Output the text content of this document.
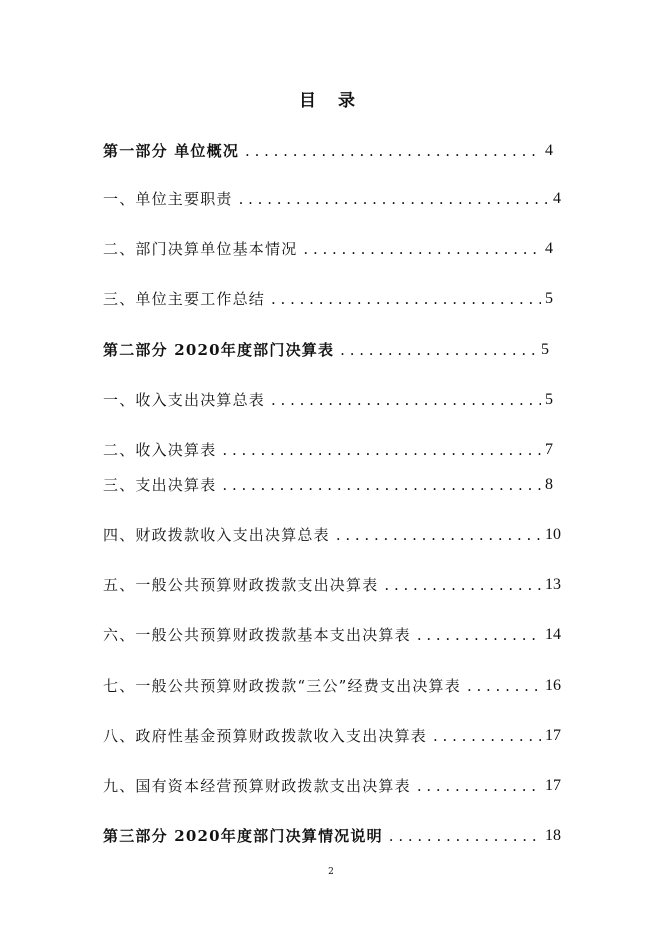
目 录
第一部分 单位概况 . . .	4
一、单位主要职责 . . .	4
二、部门决算单位基本情况 . . .	4
三、单位主要工作总结 . . .	5
第二部分 2020年度部门决算表 . . .	5
一、收入支出决算总表 . . .	5
二、收入决算表 . . .	7
三、支出决算表 . . .	8
四、财政拨款收入支出决算总表 . . .	10
五、一般公共预算财政拨款支出决算表 . . .	13
六、一般公共预算财政拨款基本支出决算表 . . .	14
七、一般公共预算财政拨款“三公”经费支出决算表 . . .	16
八、政府性基金预算财政拨款收入支出决算表 . . .	17
九、国有资本经营预算财政拨款支出决算表 . . .	17
第三部分 2020年度部门决算情况说明 . . .	18
2
